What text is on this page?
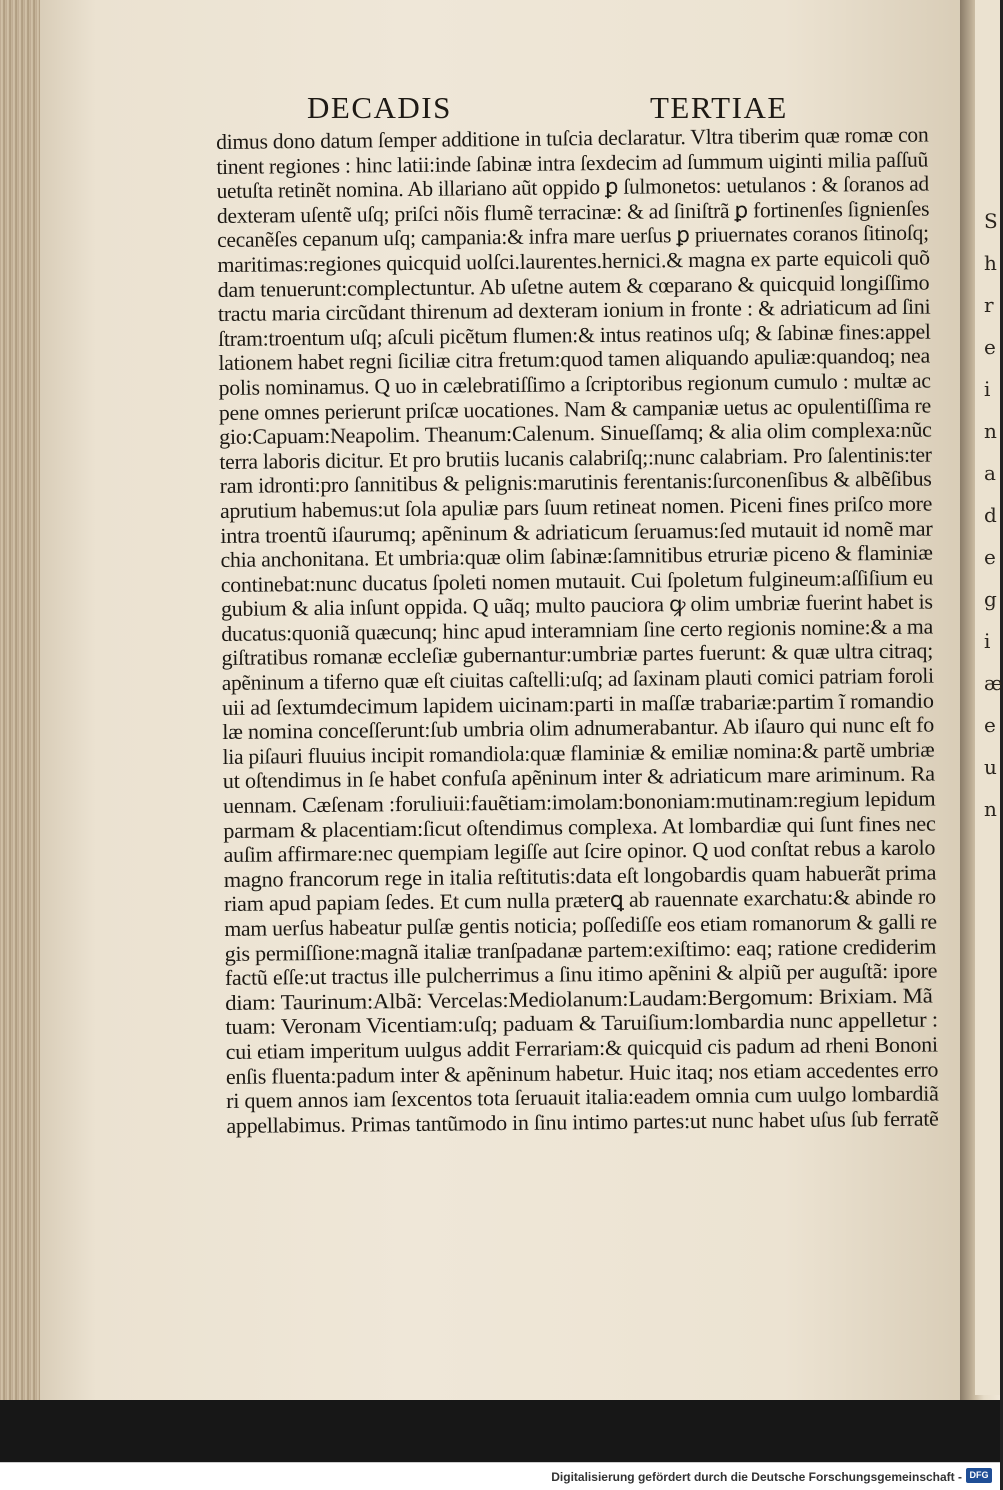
S
h
r
e
i
n
a
d
e
g
i
æ
e
u
n
DECADIS	TERTIAE
dimus dono datum ſemper additione in tuſcia declaratur. Vltra tiberim quæ romæ con
tinent regiones : hinc latii:inde ſabinæ intra ſexdecim ad ſummum uiginti milia paſſuũ
uetuſta retinẽt nomina. Ab illariano aũt oppido ꝑ ſulmonetos: uetulanos : & ſoranos ad
dexteram uſentẽ uſq; priſci nõis flumẽ terracinæ: & ad ſiniſtrã ꝑ fortinenſes ſignienſes
cecanẽſes cepanum uſq; campania:& infra mare uerſus ꝑ priuernates coranos ſitinoſq;
maritimas:regiones quicquid uolſci.laurentes.hernici.& magna ex parte equicoli quõ
dam tenuerunt:complectuntur. Ab uſetne autem & cœparano & quicquid longiſſimo
tractu maria circũdant thirenum ad dexteram ionium in fronte : & adriaticum ad ſini
ſtram:troentum uſq; aſculi picẽtum flumen:& intus reatinos uſq; & ſabinæ fines:appel
lationem habet regni ſiciliæ citra fretum:quod tamen aliquando apuliæ:quandoq; nea
polis nominamus. Q uo in cælebratiſſimo a ſcriptoribus regionum cumulo : multæ ac
pene omnes perierunt priſcæ uocationes. Nam & campaniæ uetus ac opulentiſſima re
gio:Capuam:Neapolim. Theanum:Calenum. Sinueſſamq; & alia olim complexa:nũc
terra laboris dicitur. Et pro brutiis lucanis calabriſq;:nunc calabriam. Pro ſalentinis:ter
ram idronti:pro ſannitibus & pelignis:marutinis ferentanis:ſurconenſibus & albẽſibus
aprutium habemus:ut ſola apuliæ pars ſuum retineat nomen. Piceni fines priſco more
intra troentũ iſaurumq; apẽninum & adriaticum ſeruamus:ſed mutauit id nomẽ mar
chia anchonitana. Et umbria:quæ olim ſabinæ:ſamnitibus etruriæ piceno & flaminiæ
continebat:nunc ducatus ſpoleti nomen mutauit. Cui ſpoletum fulgineum:aſſiſium eu
gubium & alia inſunt oppida. Q uãq; multo pauciora ꝙ olim umbriæ fuerint habet is
ducatus:quoniã quæcunq; hinc apud interamniam ſine certo regionis nomine:& a ma
giſtratibus romanæ eccleſiæ gubernantur:umbriæ partes fuerunt: & quæ ultra citraq;
apẽninum a tiferno quæ eſt ciuitas caſtelli:uſq; ad ſaxinam plauti comici patriam foroli
uii ad ſextumdecimum lapidem uicinam:parti in maſſæ trabariæ:partim ĩ romandio
læ nomina conceſſerunt:ſub umbria olim adnumerabantur. Ab iſauro qui nunc eſt fo
lia piſauri fluuius incipit romandiola:quæ flaminiæ & emiliæ nomina:& partẽ umbriæ
ut oſtendimus in ſe habet confuſa apẽninum inter & adriaticum mare ariminum. Ra
uennam. Cæſenam :foruliuii:fauẽtiam:imolam:bononiam:mutinam:regium lepidum
parmam & placentiam:ſicut oſtendimus complexa. At lombardiæ qui ſunt fines nec
auſim affirmare:nec quempiam legiſſe aut ſcire opinor. Q uod conſtat rebus a karolo
magno francorum rege in italia reſtitutis:data eſt longobardis quam habuerãt prima
riam apud papiam ſedes. Et cum nulla præterꝗ ab rauennate exarchatu:& abinde ro
mam uerſus habeatur pulſæ gentis noticia; poſſediſſe eos etiam romanorum & galli re
gis permiſſione:magnã italiæ tranſpadanæ partem:exiſtimo: eaq; ratione crediderim
factũ eſſe:ut tractus ille pulcherrimus a ſinu itimo apẽnini & alpiũ per auguſtã: ipore
diam: Taurinum:Albã: Vercelas:Mediolanum:Laudam:Bergomum: Brixiam. Mã
tuam: Veronam Vicentiam:uſq; paduam & Taruiſium:lombardia nunc appelletur :
cui etiam imperitum uulgus addit Ferrariam:& quicquid cis padum ad rheni Bononi
enſis fluenta:padum inter & apẽninum habetur. Huic itaq; nos etiam accedentes erro
ri quem annos iam ſexcentos tota ſeruauit italia:eadem omnia cum uulgo lombardiã
appellabimus. Primas tantũmodo in ſinu intimo partes:ut nunc habet uſus ſub ferratẽ
Digitalisierung gefördert durch die Deutsche Forschungsgemeinschaft - DFG
